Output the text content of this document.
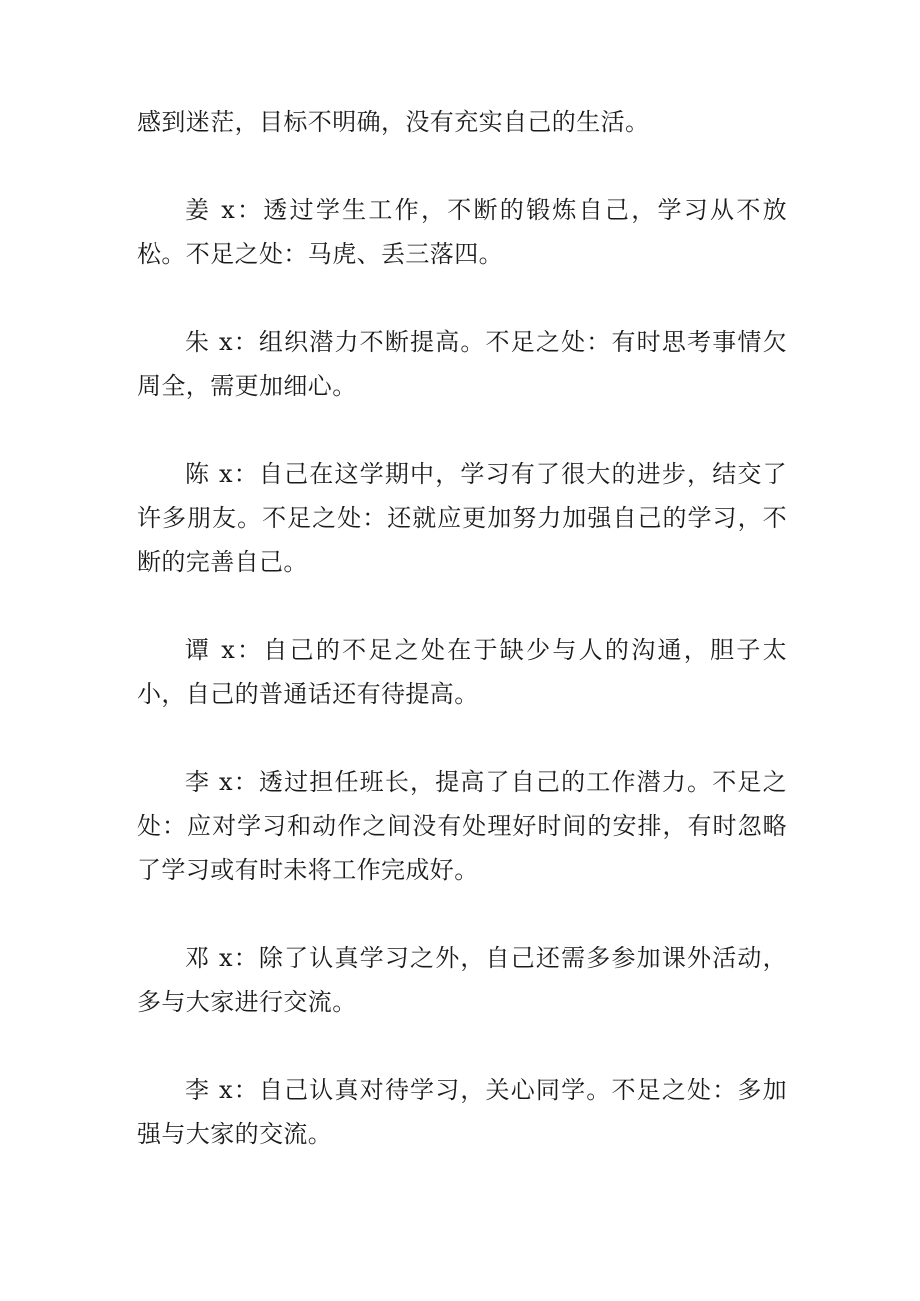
感到迷茫，目标不明确，没有充实自己的生活。

姜 x：透过学生工作，不断的锻炼自己，学习从不放松。不足之处：马虎、丢三落四。

朱 x：组织潜力不断提高。不足之处：有时思考事情欠周全，需更加细心。

陈 x：自己在这学期中，学习有了很大的进步，结交了许多朋友。不足之处：还就应更加努力加强自己的学习，不断的完善自己。

谭 x：自己的不足之处在于缺少与人的沟通，胆子太小，自己的普通话还有待提高。

李 x：透过担任班长，提高了自己的工作潜力。不足之处：应对学习和动作之间没有处理好时间的安排，有时忽略了学习或有时未将工作完成好。

邓 x：除了认真学习之外，自己还需多参加课外活动，多与大家进行交流。

李 x：自己认真对待学习，关心同学。不足之处：多加强与大家的交流。
